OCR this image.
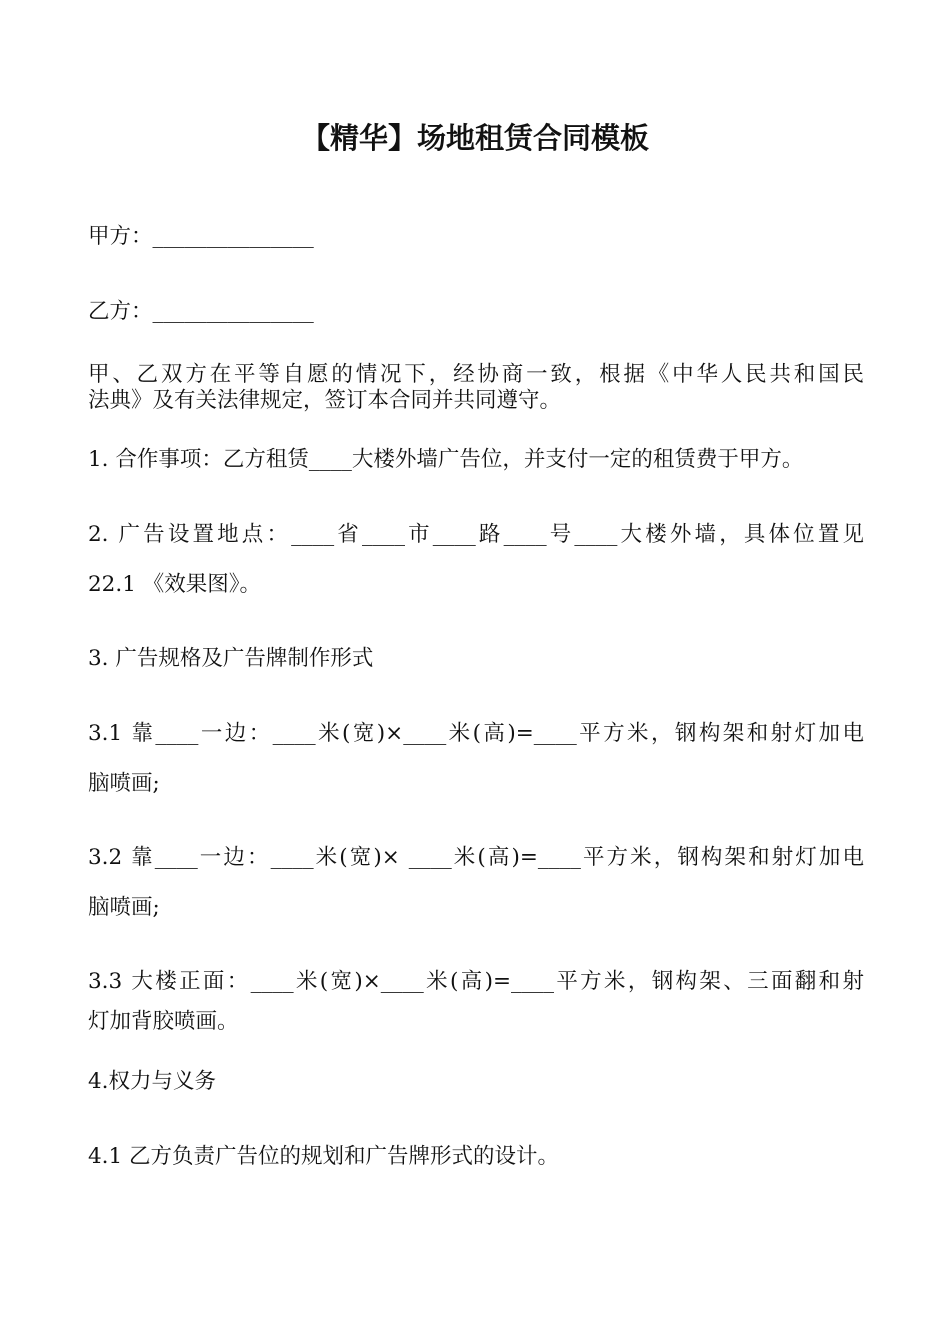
【精华】场地租赁合同模板
甲方：_______________
乙方：_______________
甲、乙双方在平等自愿的情况下，经协商一致，根据《中华人民共和国民
法典》及有关法律规定，签订本合同并共同遵守。
1. 合作事项：乙方租赁____大楼外墙广告位，并支付一定的租赁费于甲方。
2. 广告设置地点：____省____市____路____号____大楼外墙，具体位置见
22.1 《效果图》。
3. 广告规格及广告牌制作形式
3.1 靠____一边：____米(宽)×____米(高)=____平方米，钢构架和射灯加电
脑喷画;
3.2 靠____一边：____米(宽)× ____米(高)=____平方米，钢构架和射灯加电
脑喷画;
3.3 大楼正面：____米(宽)×____米(高)=____平方米，钢构架、三面翻和射
灯加背胶喷画。
4.权力与义务
4.1 乙方负责广告位的规划和广告牌形式的设计。
